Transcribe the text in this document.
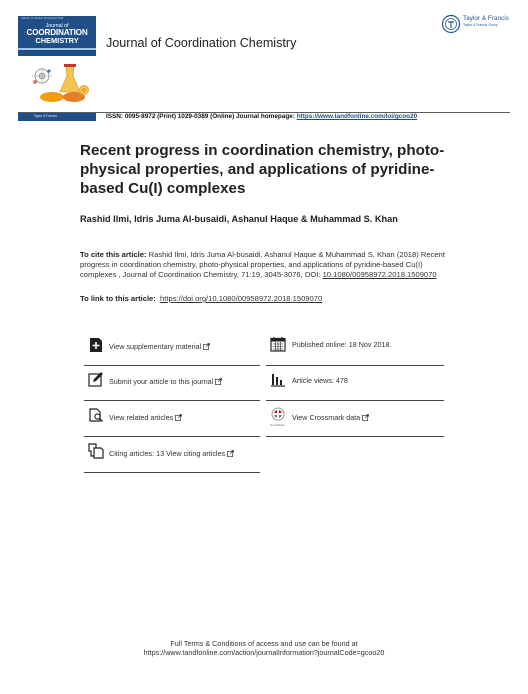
Volume 71 Number 19 October 2018
Journal of
COORDINATION
CHEMISTRY	Journal of Coordination Chemistry
Taylor & Francis
Taylor & Francis Group
Taylor & Francis	ISSN: 0095-8972 (Print) 1029-0389 (Online) Journal homepage: https://www.tandfonline.com/loi/gcoo20
Recent progress in coordination chemistry, photo-physical properties, and applications of pyridine-based Cu(I) complexes
Rashid Ilmi, Idris Juma Al-busaidi, Ashanul Haque & Muhammad S. Khan
To cite this article: Rashid Ilmi, Idris Juma Al-busaidi, Ashanul Haque & Muhammad S. Khan (2018) Recent progress in coordination chemistry, photo-physical properties, and applications of pyridine-based Cu(I) complexes , Journal of Coordination Chemistry, 71:19, 3045-3076, DOI: 10.1080/00958972.2018.1509070
To link to this article: https://doi.org/10.1080/00958972.2018.1509070
View supplementary material
Submit your article to this journal
View related articles
Citing articles: 13 View citing articles
Published online: 18 Nov 2018.
Article views: 478
CrossMark
View Crossmark data
Full Terms & Conditions of access and use can be found at
https://www.tandfonline.com/action/journalInformation?journalCode=gcoo20
